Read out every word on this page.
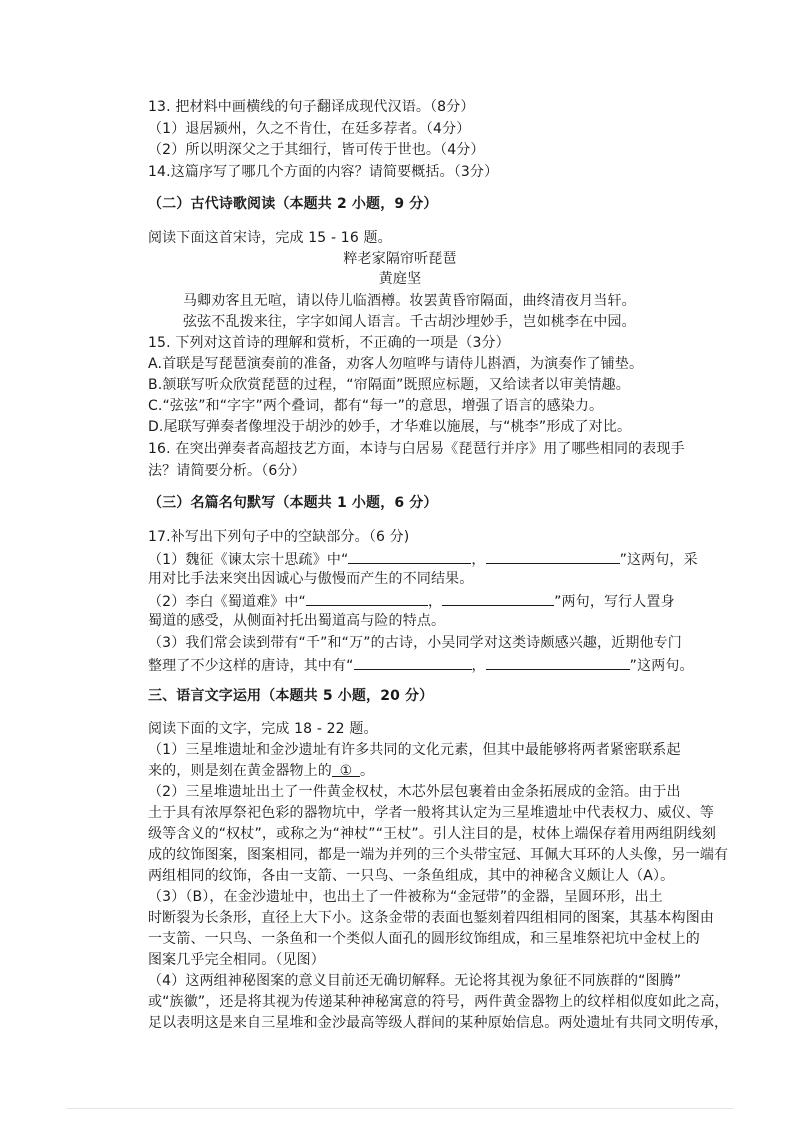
13. 把材料中画横线的句子翻译成现代汉语。（8分）
（1）退居颍州，久之不肯仕，在廷多荐者。（4分）
（2）所以明深父之于其细行，皆可传于世也。（4分）
14.这篇序写了哪几个方面的内容？请简要概括。（3分）
（二）古代诗歌阅读（本题共 2 小题，9 分）
阅读下面这首宋诗，完成 15 - 16 题。
粹老家隔帘听琵琶
黄庭坚
马卿劝客且无喧，请以侍儿临酒樽。妆罢黄昏帘隔面，曲终清夜月当轩。
弦弦不乱拨来往，字字如闻人语言。千古胡沙埋妙手，岂如桃李在中园。
15. 下列对这首诗的理解和赏析，不正确的一项是（3分）
A.首联是写琵琶演奏前的准备，劝客人勿喧哗与请侍儿斟酒，为演奏作了铺垫。
B.颔联写听众欣赏琵琶的过程，“帘隔面”既照应标题，又给读者以审美情趣。
C.“弦弦”和“字字”两个叠词，都有“每一”的意思，增强了语言的感染力。
D.尾联写弹奏者像埋没于胡沙的妙手，才华难以施展，与“桃李”形成了对比。
16. 在突出弹奏者高超技艺方面，本诗与白居易《琵琶行并序》用了哪些相同的表现手
法？请简要分析。（6分）
（三）名篇名句默写（本题共 1 小题，6 分）
17.补写出下列句子中的空缺部分。（6 分)
（1）魏征《谏太宗十思疏》中“	，	”这两句，采
用对比手法来突出因诚心与傲慢而产生的不同结果。
（2）李白《蜀道难》中“	，	”两句，写行人置身
蜀道的感受，从侧面衬托出蜀道高与险的特点。
（3）我们常会读到带有“千”和“万”的古诗，小吴同学对这类诗颇感兴趣，近期他专门
整理了不少这样的唐诗，其中有“	，	”这两句。
三、语言文字运用（本题共 5 小题，20 分）
阅读下面的文字，完成 18 - 22 题。
（1）三星堆遗址和金沙遗址有许多共同的文化元素，但其中最能够将两者紧密联系起
来的，则是刻在黄金器物上的 ① 。
（2）三星堆遗址出土了一件黄金权杖，木芯外层包裹着由金条拓展成的金箔。由于出
土于具有浓厚祭祀色彩的器物坑中，学者一般将其认定为三星堆遗址中代表权力、威仪、等
级等含义的“权杖”，或称之为“神杖”“王杖”。引人注目的是，杖体上端保存着用两组阴线刻
成的纹饰图案，图案相同，都是一端为并列的三个头带宝冠、耳佩大耳环的人头像，另一端有
两组相同的纹饰，各由一支箭、一只鸟、一条鱼组成，其中的神秘含义颇让人（A）。
（3）（B），在金沙遗址中，也出土了一件被称为“金冠带”的金器，呈圆环形，出土
时断裂为长条形，直径上大下小。这条金带的表面也錾刻着四组相同的图案，其基本构图由
一支箭、一只鸟、一条鱼和一个类似人面孔的圆形纹饰组成，和三星堆祭祀坑中金杖上的
图案几乎完全相同。（见图）
（4）这两组神秘图案的意义目前还无确切解释。无论将其视为象征不同族群的“图腾”
或“族徽”，还是将其视为传递某种神秘寓意的符号，两件黄金器物上的纹样相似度如此之高，
足以表明这是来自三星堆和金沙最高等级人群间的某种原始信息。两处遗址有共同文明传承，
